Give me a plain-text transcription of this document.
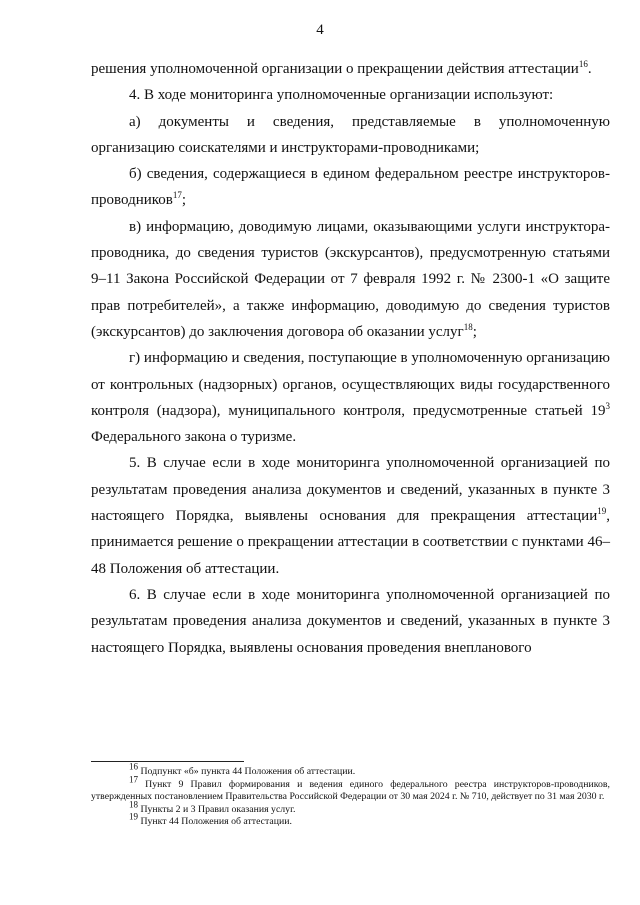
4

решения уполномоченной организации о прекращении действия аттестации$^{16}$.

4. В ходе мониторинга уполномоченные организации используют:

а) документы и сведения, представляемые в уполномоченную организацию соискателями и инструкторами-проводниками;

б) сведения, содержащиеся в едином федеральном реестре инструкторов-проводников$^{17}$;

в) информацию, доводимую лицами, оказывающими услуги инструктора-проводника, до сведения туристов (экскурсантов), предусмотренную статьями 9–11 Закона Российской Федерации от 7 февраля 1992 г. № 2300-1 «О защите прав потребителей», а также информацию, доводимую до сведения туристов (экскурсантов) до заключения договора об оказании услуг$^{18}$;

г) информацию и сведения, поступающие в уполномоченную организацию от контрольных (надзорных) органов, осуществляющих виды государственного контроля (надзора), муниципального контроля, предусмотренные статьей $19^3$ Федерального закона о туризме.

5. В случае если в ходе мониторинга уполномоченной организацией по результатам проведения анализа документов и сведений, указанных в пункте 3 настоящего Порядка, выявлены основания для прекращения аттестации$^{19}$, принимается решение о прекращении аттестации в соответствии с пунктами 46–48 Положения об аттестации.

6. В случае если в ходе мониторинга уполномоченной организацией по результатам проведения анализа документов и сведений, указанных в пункте 3 настоящего Порядка, выявлены основания проведения внепланового

$^{16}$ Подпункт «б» пункта 44 Положения об аттестации.

$^{17}$ Пункт 9 Правил формирования и ведения единого федерального реестра инструкторов-проводников, утвержденных постановлением Правительства Российской Федерации от 30 мая 2024 г. № 710, действует по 31 мая 2030 г.

$^{18}$ Пункты 2 и 3 Правил оказания услуг.

$^{19}$ Пункт 44 Положения об аттестации.
